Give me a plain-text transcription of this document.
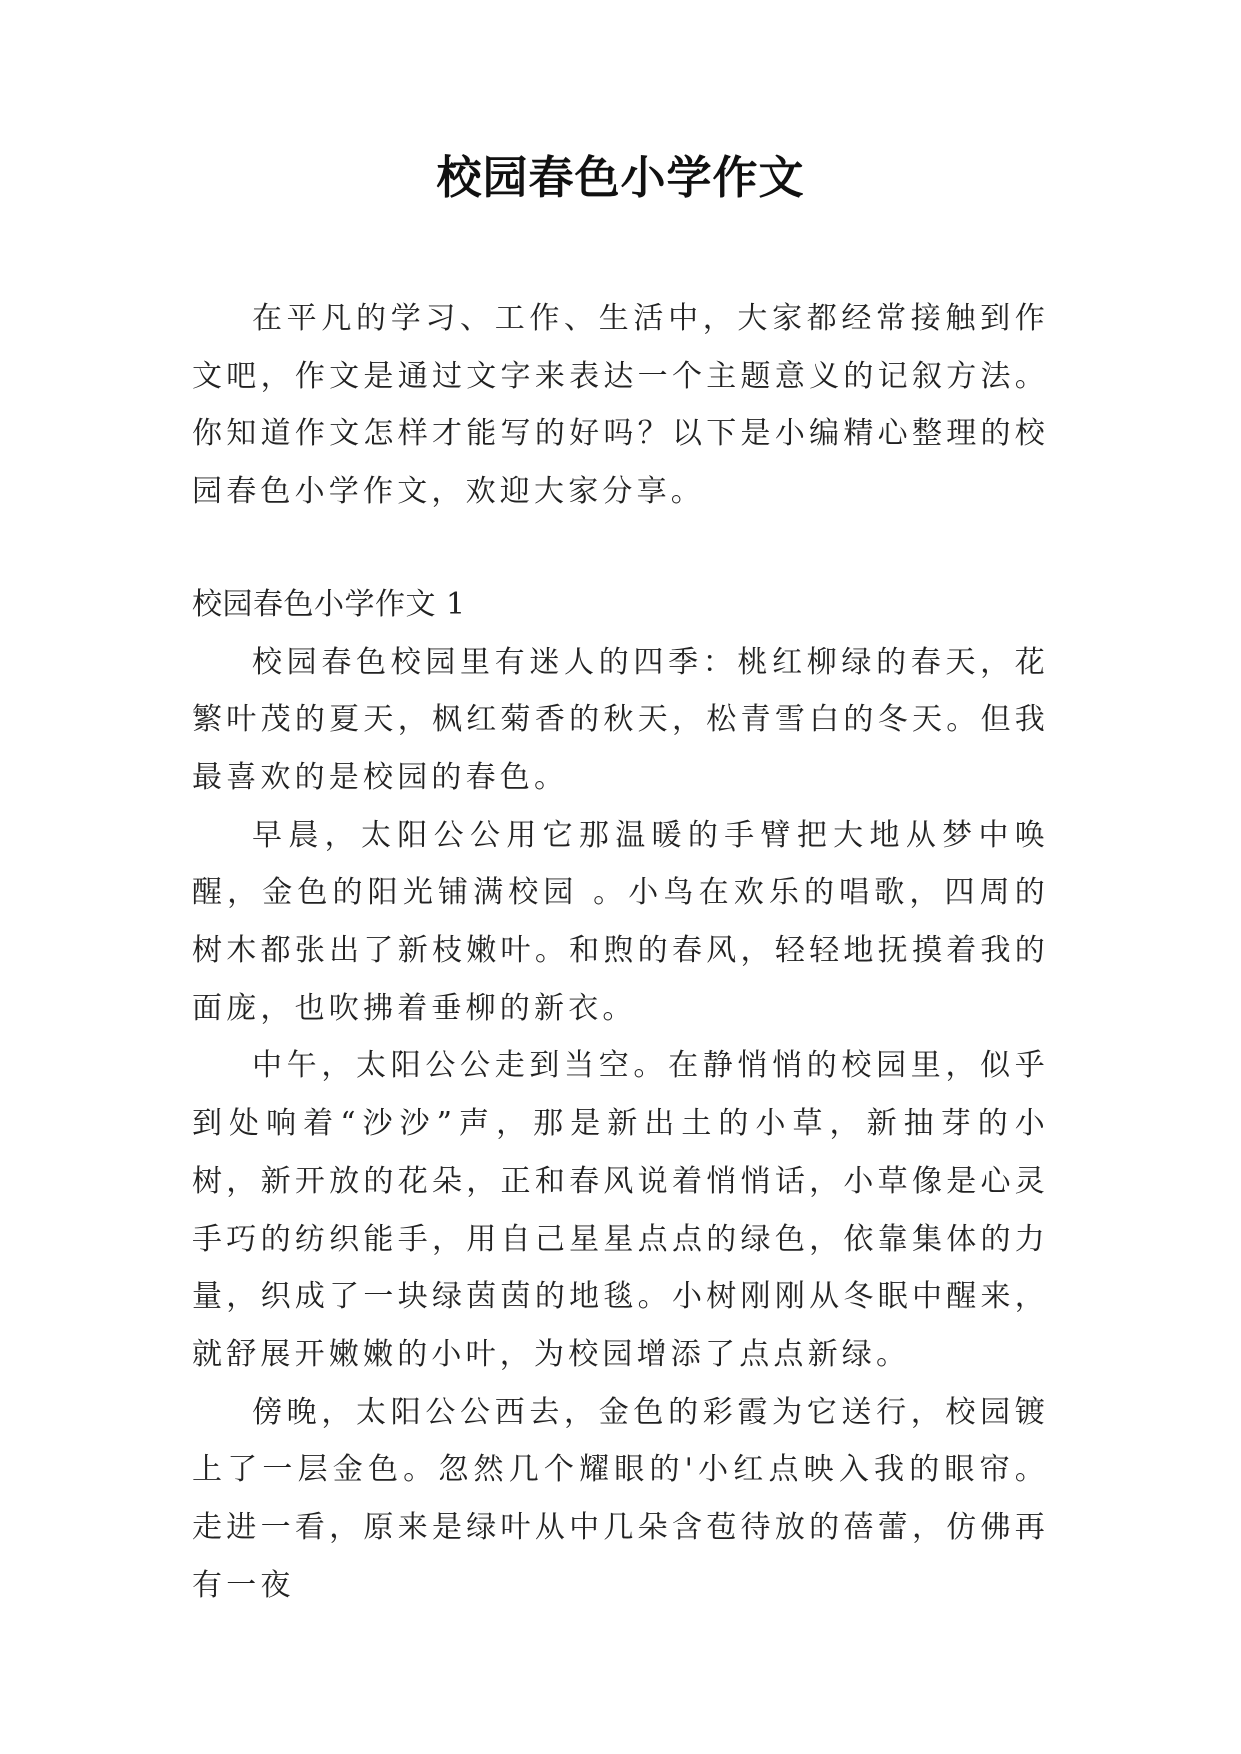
校园春色小学作文

在平凡的学习、工作、生活中，大家都经常接触到作文吧，作文是通过文字来表达一个主题意义的记叙方法。你知道作文怎样才能写的好吗？以下是小编精心整理的校园春色小学作文，欢迎大家分享。

校园春色小学作文 1

校园春色校园里有迷人的四季：桃红柳绿的春天，花繁叶茂的夏天，枫红菊香的秋天，松青雪白的冬天。但我最喜欢的是校园的春色。

早晨，太阳公公用它那温暖的手臂把大地从梦中唤醒，金色的阳光铺满校园 。小鸟在欢乐的唱歌，四周的树木都张出了新枝嫩叶。和煦的春风，轻轻地抚摸着我的面庞，也吹拂着垂柳的新衣。

中午，太阳公公走到当空。在静悄悄的校园里，似乎到处响着“沙沙”声，那是新出土的小草，新抽芽的小树，新开放的花朵，正和春风说着悄悄话，小草像是心灵手巧的纺织能手，用自己星星点点的绿色，依靠集体的力量，织成了一块绿茵茵的地毯。小树刚刚从冬眠中醒来，就舒展开嫩嫩的小叶，为校园增添了点点新绿。

傍晚，太阳公公西去，金色的彩霞为它送行，校园镀上了一层金色。忽然几个耀眼的'小红点映入我的眼帘。走进一看，原来是绿叶从中几朵含苞待放的蓓蕾，仿佛再有一夜
